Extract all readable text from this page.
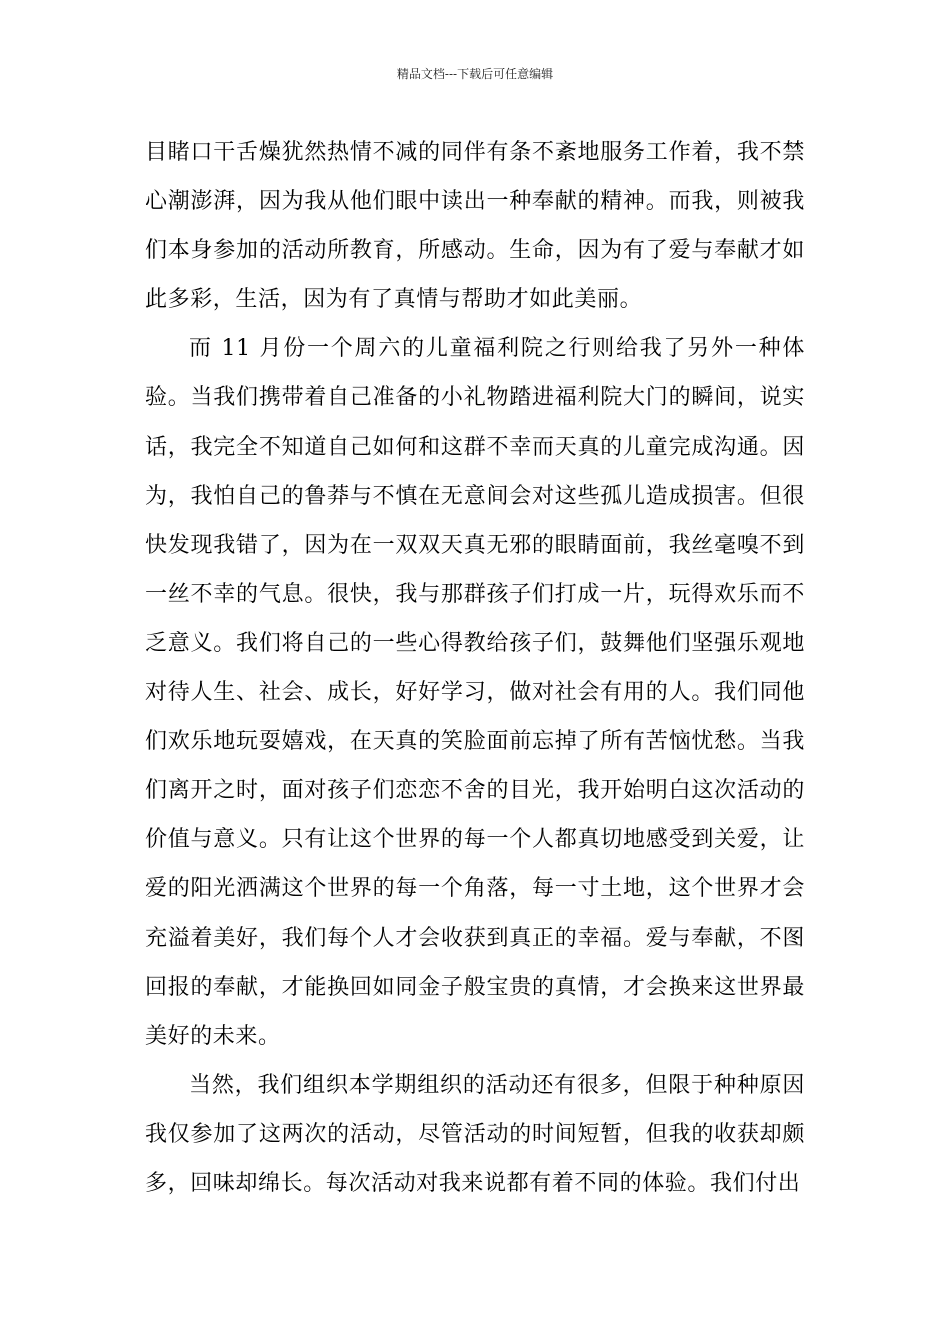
精品文档---下载后可任意编辑

目睹口干舌燥犹然热情不减的同伴有条不紊地服务工作着，我不禁心潮澎湃，因为我从他们眼中读出一种奉献的精神。而我，则被我们本身参加的活动所教育，所感动。生命，因为有了爱与奉献才如此多彩，生活，因为有了真情与帮助才如此美丽。

而 11 月份一个周六的儿童福利院之行则给我了另外一种体验。当我们携带着自己准备的小礼物踏进福利院大门的瞬间，说实话，我完全不知道自己如何和这群不幸而天真的儿童完成沟通。因为，我怕自己的鲁莽与不慎在无意间会对这些孤儿造成损害。但很快发现我错了，因为在一双双天真无邪的眼睛面前，我丝毫嗅不到一丝不幸的气息。很快，我与那群孩子们打成一片，玩得欢乐而不乏意义。我们将自己的一些心得教给孩子们，鼓舞他们坚强乐观地对待人生、社会、成长，好好学习，做对社会有用的人。我们同他们欢乐地玩耍嬉戏，在天真的笑脸面前忘掉了所有苦恼忧愁。当我们离开之时，面对孩子们恋恋不舍的目光，我开始明白这次活动的价值与意义。只有让这个世界的每一个人都真切地感受到关爱，让爱的阳光洒满这个世界的每一个角落，每一寸土地，这个世界才会充溢着美好，我们每个人才会收获到真正的幸福。爱与奉献，不图回报的奉献，才能换回如同金子般宝贵的真情，才会换来这世界最美好的未来。

当然，我们组织本学期组织的活动还有很多，但限于种种原因我仅参加了这两次的活动，尽管活动的时间短暂，但我的收获却颇多，回味却绵长。每次活动对我来说都有着不同的体验。我们付出
